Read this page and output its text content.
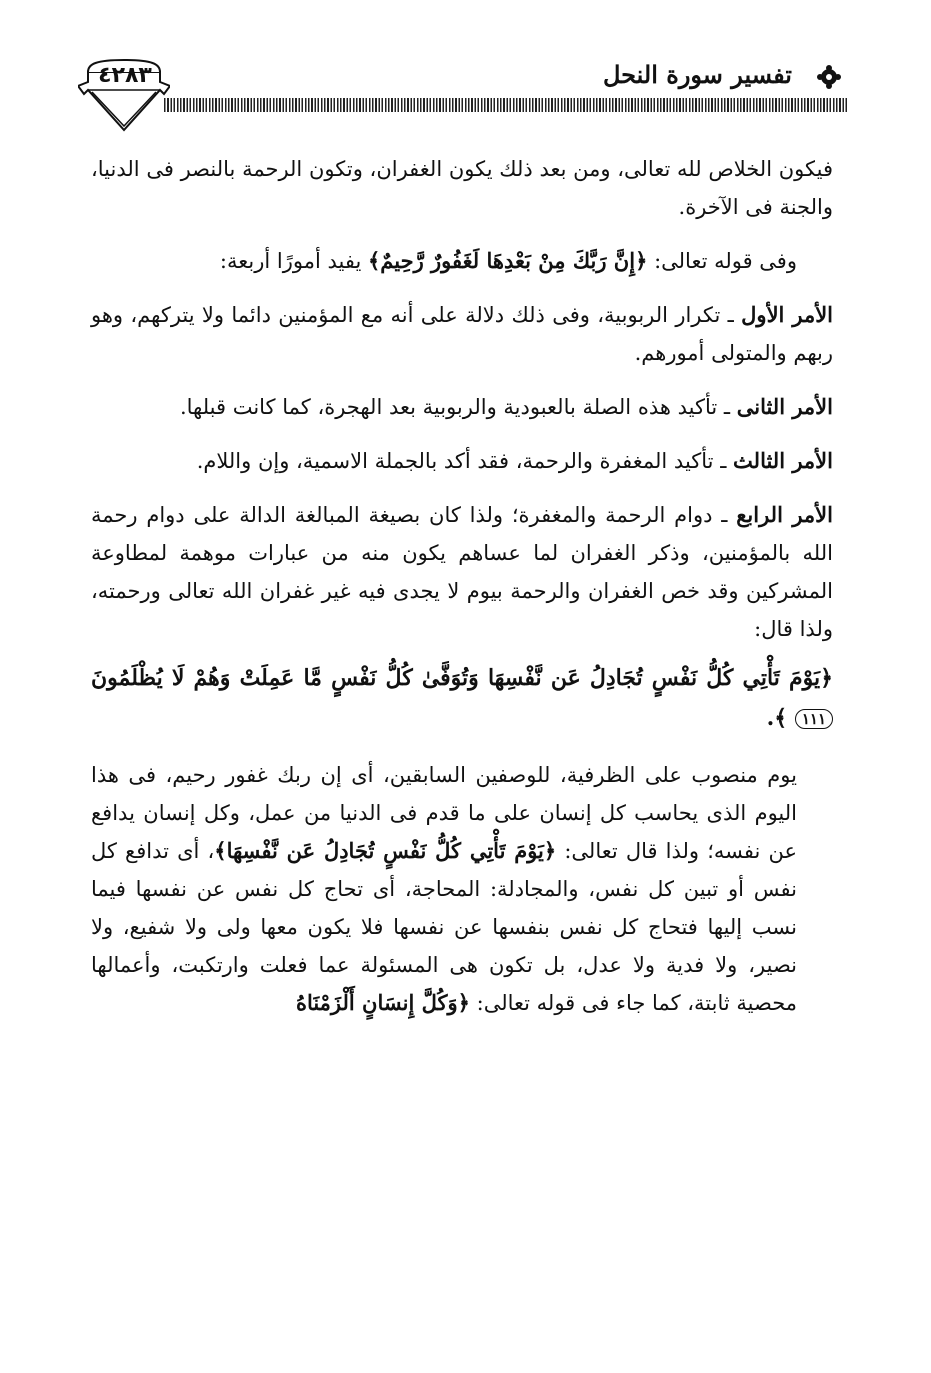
تفسير سورة النحل
٤٢٨٣

فيكون الخلاص لله تعالى، ومن بعد ذلك يكون الغفران، وتكون الرحمة بالنصر فى الدنيا، والجنة فى الآخرة.

وفى قوله تعالى: ﴿إِنَّ رَبَّكَ مِنْ بَعْدِهَا لَغَفُورٌ رَّحِيمٌ﴾ يفيد أمورًا أربعة:

الأمر الأول ـ تكرار الربوبية، وفى ذلك دلالة على أنه مع المؤمنين دائما ولا يتركهم، وهو ربهم والمتولى أمورهم.

الأمر الثانى ـ تأكيد هذه الصلة بالعبودية والربوبية بعد الهجرة، كما كانت قبلها.

الأمر الثالث ـ تأكيد المغفرة والرحمة، فقد أكد بالجملة الاسمية، وإن واللام.

الأمر الرابع ـ دوام الرحمة والمغفرة؛ ولذا كان بصيغة المبالغة الدالة على دوام رحمة الله بالمؤمنين، وذكر الغفران لما عساهم يكون منه من عبارات موهمة لمطاوعة المشركين وقد خص الغفران والرحمة بيوم لا يجدى فيه غير غفران الله تعالى ورحمته، ولذا قال:

﴿يَوْمَ تَأْتِي كُلُّ نَفْسٍ تُجَادِلُ عَن نَّفْسِهَا وَتُوَفَّىٰ كُلُّ نَفْسٍ مَّا عَمِلَتْ وَهُمْ لَا يُظْلَمُونَ ١١١ ﴾.

يوم منصوب على الظرفية، للوصفين السابقين، أى إن ربك غفور رحيم، فى هذا اليوم الذى يحاسب كل إنسان على ما قدم فى الدنيا من عمل، وكل إنسان يدافع عن نفسه؛ ولذا قال تعالى: ﴿يَوْمَ تَأْتِي كُلُّ نَفْسٍ تُجَادِلُ عَن نَّفْسِهَا﴾، أى تدافع كل نفس أو تبين كل نفس، والمجادلة: المحاجة، أى تحاج كل نفس عن نفسها فيما نسب إليها فتحاج كل نفس بنفسها عن نفسها فلا يكون معها ولى ولا شفيع، ولا نصير، ولا فدية ولا عدل، بل تكون هى المسئولة عما فعلت وارتكبت، وأعمالها محصية ثابتة، كما جاء فى قوله تعالى: ﴿وَكُلَّ إِنسَانٍ أَلْزَمْنَاهُ
